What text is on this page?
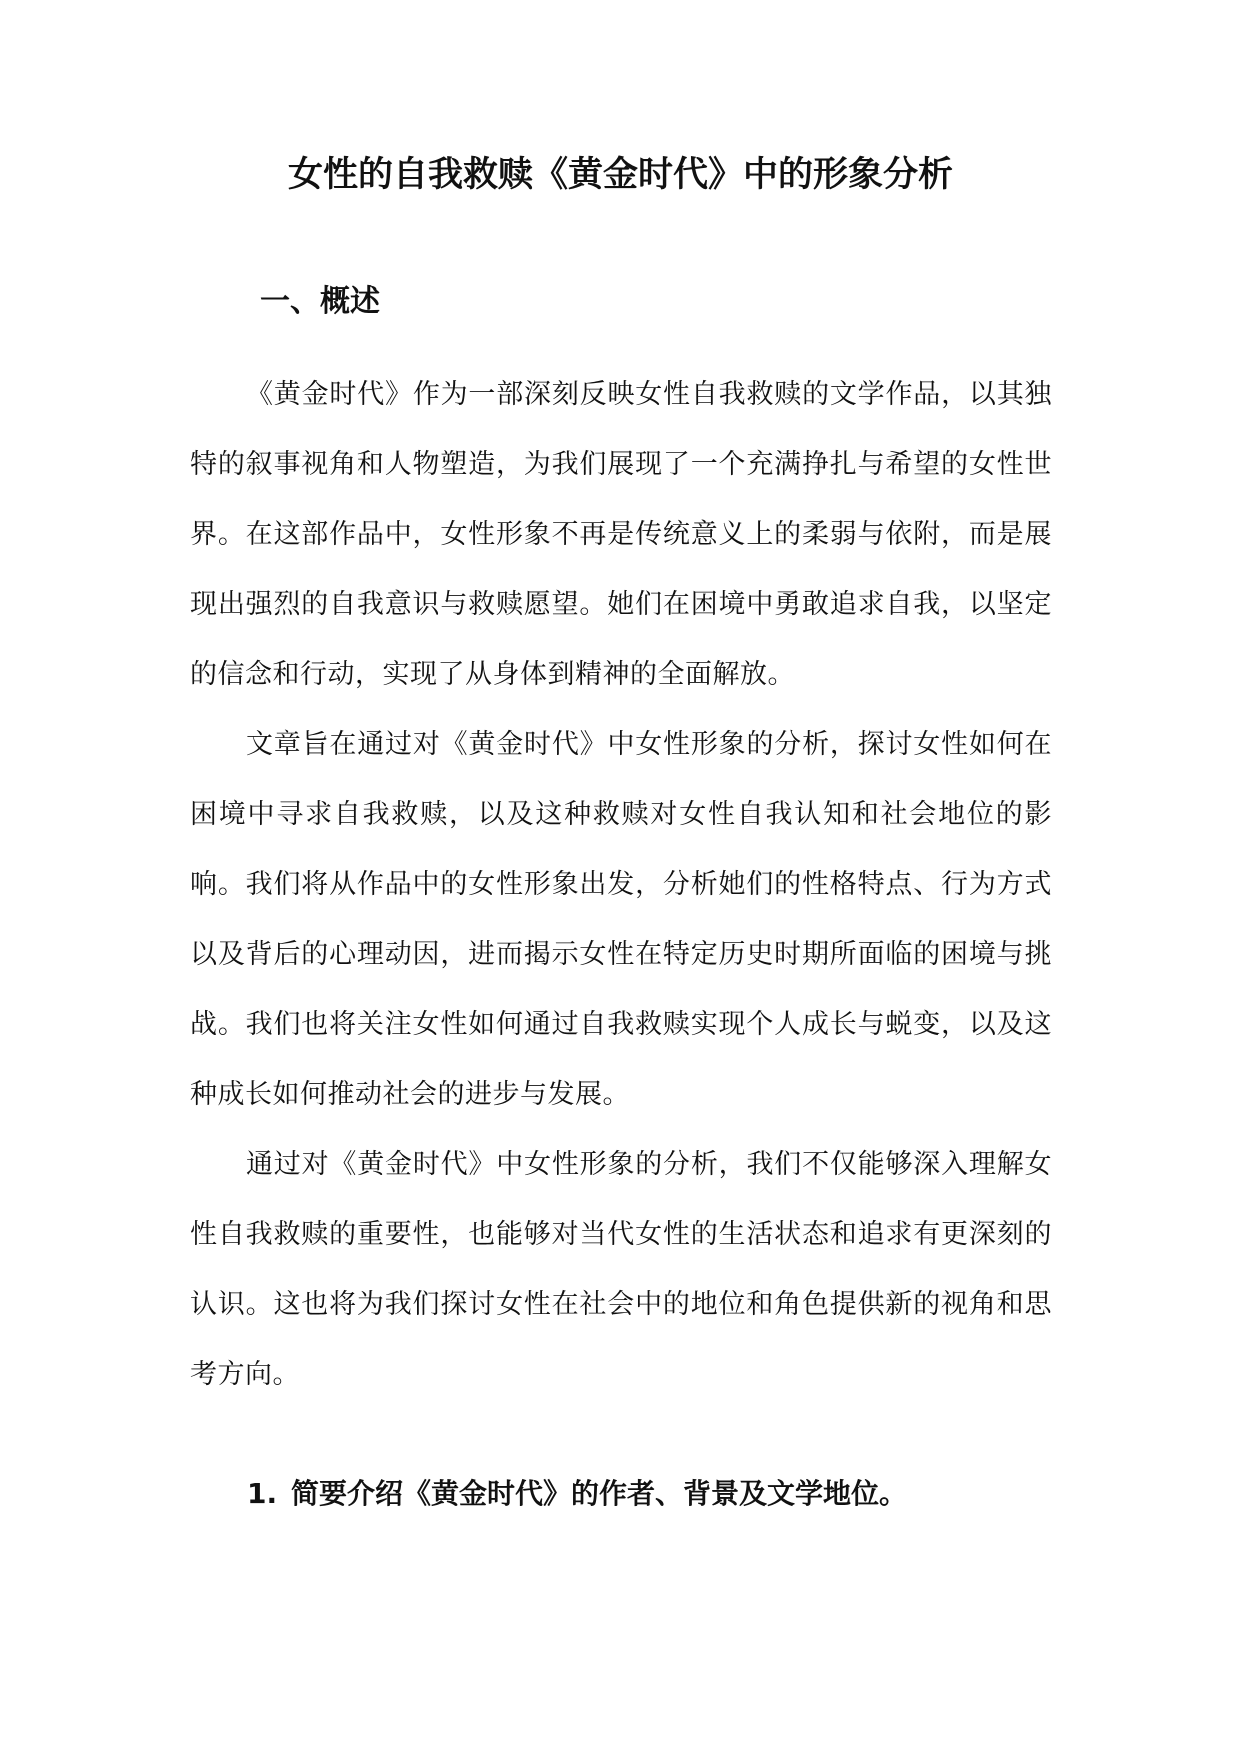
女性的自我救赎《黄金时代》中的形象分析
一、概述

《黄金时代》作为一部深刻反映女性自我救赎的文学作品，以其独特的叙事视角和人物塑造，为我们展现了一个充满挣扎与希望的女性世界。在这部作品中，女性形象不再是传统意义上的柔弱与依附，而是展现出强烈的自我意识与救赎愿望。她们在困境中勇敢追求自我，以坚定的信念和行动，实现了从身体到精神的全面解放。

文章旨在通过对《黄金时代》中女性形象的分析，探讨女性如何在困境中寻求自我救赎，以及这种救赎对女性自我认知和社会地位的影响。我们将从作品中的女性形象出发，分析她们的性格特点、行为方式以及背后的心理动因，进而揭示女性在特定历史时期所面临的困境与挑战。我们也将关注女性如何通过自我救赎实现个人成长与蜕变，以及这种成长如何推动社会的进步与发展。

通过对《黄金时代》中女性形象的分析，我们不仅能够深入理解女性自我救赎的重要性，也能够对当代女性的生活状态和追求有更深刻的认识。这也将为我们探讨女性在社会中的地位和角色提供新的视角和思考方向。

1. 简要介绍《黄金时代》的作者、背景及文学地位。
